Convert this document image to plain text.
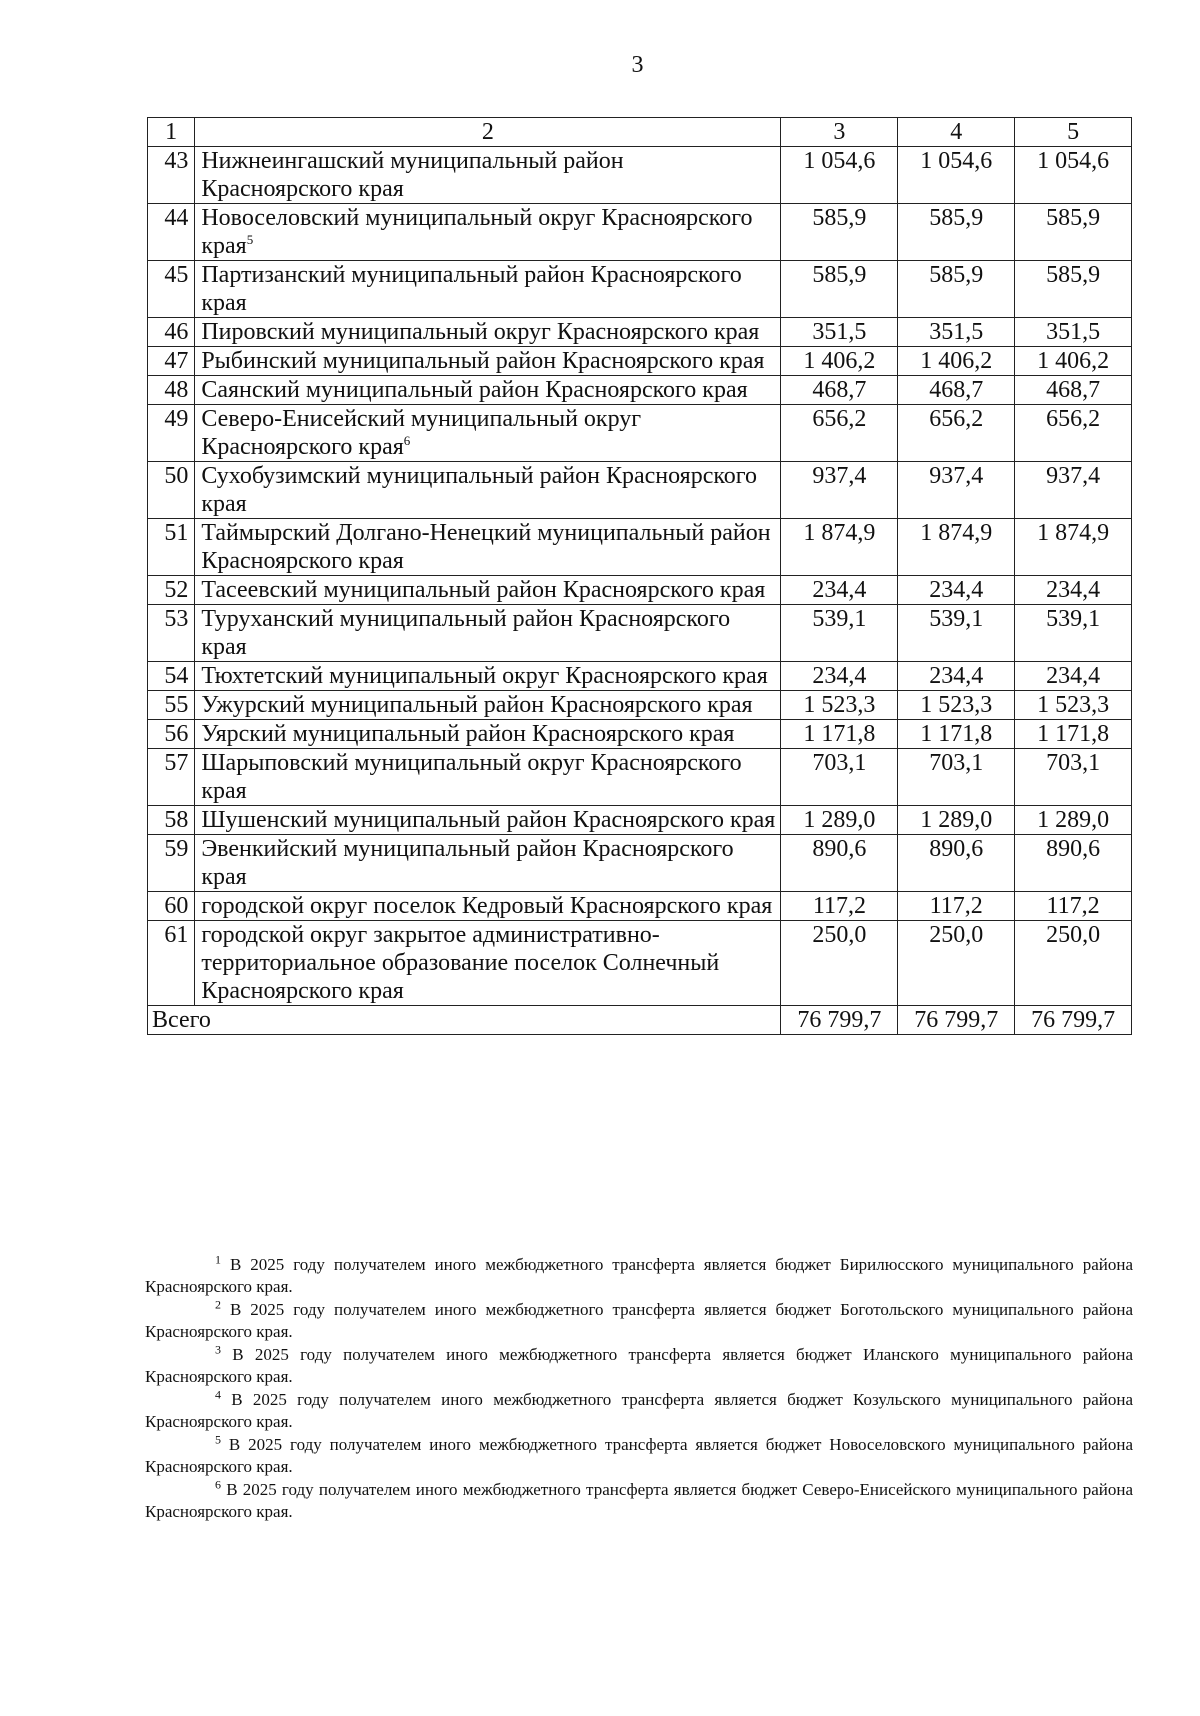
3
1	2	3	4	5
43	Нижнеингашский муниципальный район Красноярского края	1 054,6	1 054,6	1 054,6
44	Новоселовский муниципальный округ Красноярского края$^5$	585,9	585,9	585,9
45	Партизанский муниципальный район Красноярского края	585,9	585,9	585,9
46	Пировский муниципальный округ Красноярского края	351,5	351,5	351,5
47	Рыбинский муниципальный район Красноярского края	1 406,2	1 406,2	1 406,2
48	Саянский муниципальный район Красноярского края	468,7	468,7	468,7
49	Северо-Енисейский муниципальный округ Красноярского края$^6$	656,2	656,2	656,2
50	Сухобузимский муниципальный район Красноярского края	937,4	937,4	937,4
51	Таймырский Долгано-Ненецкий муниципальный район Красноярского края	1 874,9	1 874,9	1 874,9
52	Тасеевский муниципальный район Красноярского края	234,4	234,4	234,4
53	Туруханский муниципальный район Красноярского края	539,1	539,1	539,1
54	Тюхтетский муниципальный округ Красноярского края	234,4	234,4	234,4
55	Ужурский муниципальный район Красноярского края	1 523,3	1 523,3	1 523,3
56	Уярский муниципальный район Красноярского края	1 171,8	1 171,8	1 171,8
57	Шарыповский муниципальный округ Красноярского края	703,1	703,1	703,1
58	Шушенский муниципальный район Красноярского края	1 289,0	1 289,0	1 289,0
59	Эвенкийский муниципальный район Красноярского края	890,6	890,6	890,6
60	городской округ поселок Кедровый Красноярского края	117,2	117,2	117,2
61	городской округ закрытое административно-территориальное образование поселок Солнечный Красноярского края	250,0	250,0	250,0
Всего		76 799,7	76 799,7	76 799,7

$^1$ В 2025 году получателем иного межбюджетного трансферта является бюджет Бирилюсского муниципального района Красноярского края.

$^2$ В 2025 году получателем иного межбюджетного трансферта является бюджет Боготольского муниципального района Красноярского края.

$^3$ В 2025 году получателем иного межбюджетного трансферта является бюджет Иланского муниципального района Красноярского края.

$^4$ В 2025 году получателем иного межбюджетного трансферта является бюджет Козульского муниципального района Красноярского края.

$^5$ В 2025 году получателем иного межбюджетного трансферта является бюджет Новоселовского муниципального района Красноярского края.

$^6$ В 2025 году получателем иного межбюджетного трансферта является бюджет Северо-Енисейского муниципального района Красноярского края.
